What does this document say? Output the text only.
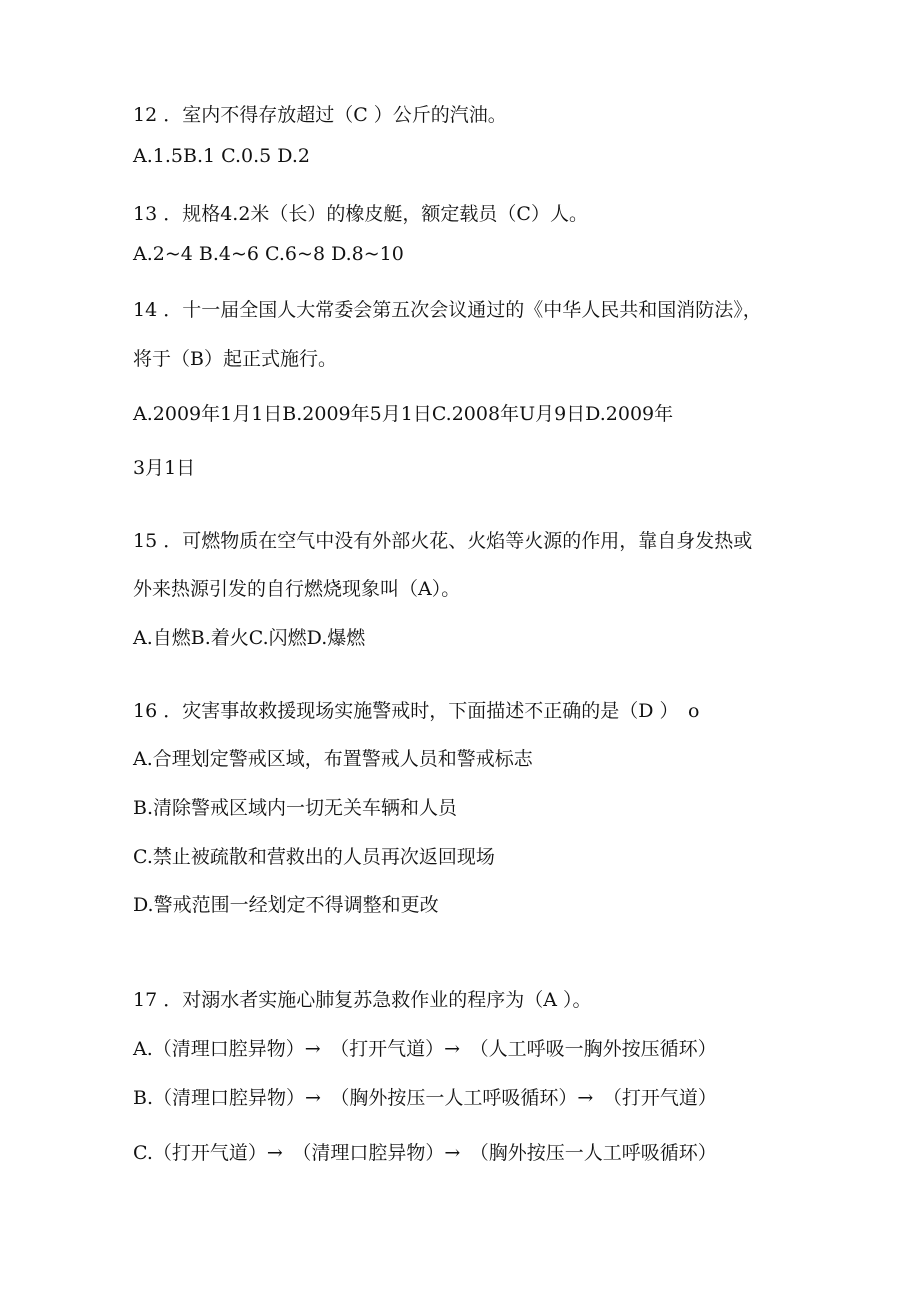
12 ．室内不得存放超过（C ）公斤的汽油。
A.1.5B.1 C.0.5 D.2
13 ．规格4.2米（长）的橡皮艇，额定载员（C）人。
A.2~4 B.4~6 C.6~8 D.8~10
14 ．十一届全国人大常委会第五次会议通过的《中华人民共和国消防法》，
将于（B）起正式施行。
A.2009年1月1日B.2009年5月1日C.2008年U月9日D.2009年
3月1日
15 ．可燃物质在空气中没有外部火花、火焰等火源的作用，靠自身发热或
外来热源引发的自行燃烧现象叫（A）。
A.自燃B.着火C.闪燃D.爆燃
16 ．灾害事故救援现场实施警戒时，下面描述不正确的是（D ）　o
A.合理划定警戒区域，布置警戒人员和警戒标志
B.清除警戒区域内一切无关车辆和人员
C.禁止被疏散和营救出的人员再次返回现场
D.警戒范围一经划定不得调整和更改
17 ．对溺水者实施心肺复苏急救作业的程序为（A ）。
A.（清理口腔异物）→　（打开气道）→　（人工呼吸一胸外按压循环）
B.（清理口腔异物）→　（胸外按压一人工呼吸循环）→　（打开气道）
C.（打开气道）→　（清理口腔异物）→　（胸外按压一人工呼吸循环）
